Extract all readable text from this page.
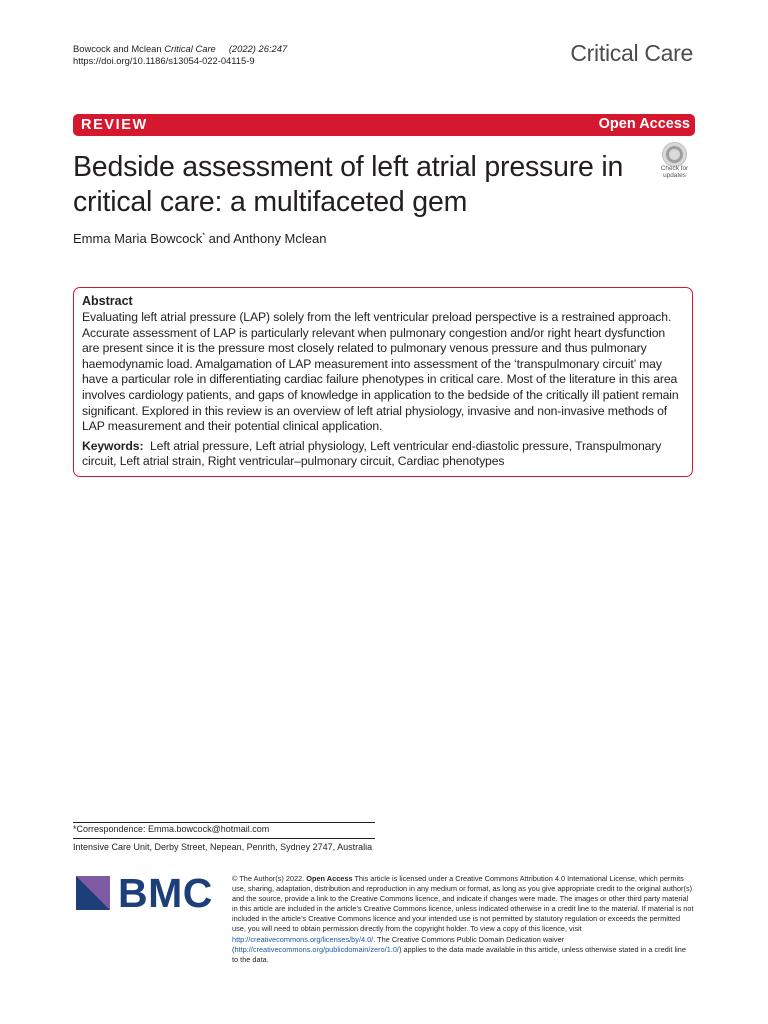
Bowcock and Mclean Critical Care (2022) 26:247
https://doi.org/10.1186/s13054-022-04115-9	Critical Care
REVIEW	Open Access
Bedside assessment of left atrial pressure in critical care: a multifaceted gem
Check for updates
Emma Maria Bowcock* and Anthony Mclean
Abstract

Evaluating left atrial pressure (LAP) solely from the left ventricular preload perspective is a restrained approach. Accurate assessment of LAP is particularly relevant when pulmonary congestion and/or right heart dysfunction are present since it is the pressure most closely related to pulmonary venous pressure and thus pulmonary haemodynamic load. Amalgamation of LAP measurement into assessment of the ‘transpulmonary circuit’ may have a particular role in differentiating cardiac failure phenotypes in critical care. Most of the literature in this area involves cardiology patients, and gaps of knowledge in application to the bedside of the critically ill patient remain significant. Explored in this review is an overview of left atrial physiology, invasive and non-invasive methods of LAP measurement and their potential clinical application.

Keywords: Left atrial pressure, Left atrial physiology, Left ventricular end-diastolic pressure, Transpulmonary circuit, Left atrial strain, Right ventricular–pulmonary circuit, Cardiac phenotypes

*Correspondence: Emma.bowcock@hotmail.com
Intensive Care Unit, Derby Street, Nepean, Penrith, Sydney 2747, Australia
BMC	© The Author(s) 2022. Open Access This article is licensed under a Creative Commons Attribution 4.0 International License, which permits use, sharing, adaptation, distribution and reproduction in any medium or format, as long as you give appropriate credit to the original author(s) and the source, provide a link to the Creative Commons licence, and indicate if changes were made. The images or other third party material in this article are included in the article’s Creative Commons licence, unless indicated otherwise in a credit line to the material. If material is not included in the article’s Creative Commons licence and your intended use is not permitted by statutory regulation or exceeds the permitted use, you will need to obtain permission directly from the copyright holder. To view a copy of this licence, visit http://creativecommons.org/licenses/by/4.0/. The Creative Commons Public Domain Dedication waiver (http://creativecommons.org/publicdomain/zero/1.0/) applies to the data made available in this article, unless otherwise stated in a credit line to the data.
